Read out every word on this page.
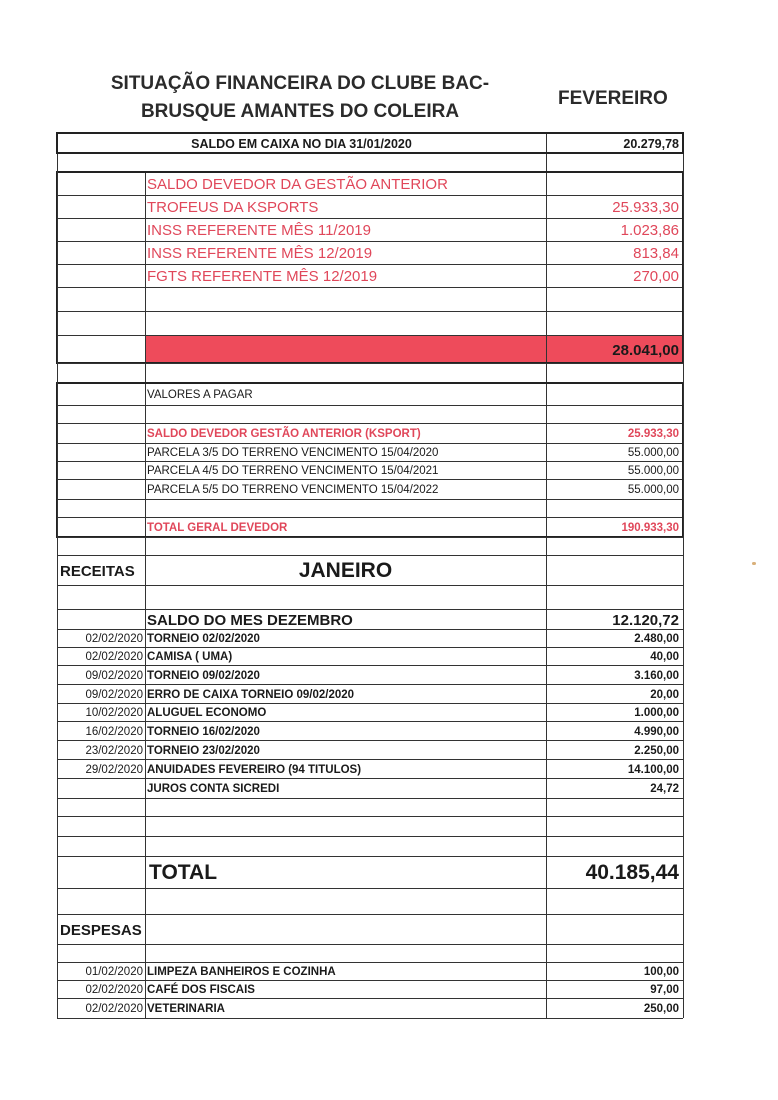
SITUAÇÃO FINANCEIRA DO CLUBE BAC-
BRUSQUE AMANTES DO COLEIRA
FEVEREIRO
SALDO EM CAIXA NO DIA 31/01/2020	20.279,78
SALDO DEVEDOR DA GESTÃO ANTERIOR
TROFEUS DA KSPORTS	25.933,30
INSS REFERENTE MÊS 11/2019	1.023,86
INSS REFERENTE MÊS 12/2019	813,84
FGTS REFERENTE MÊS 12/2019	270,00
28.041,00
VALORES A PAGAR
SALDO DEVEDOR GESTÃO ANTERIOR (KSPORT)	25.933,30
PARCELA 3/5 DO TERRENO VENCIMENTO 15/04/2020	55.000,00
PARCELA 4/5 DO TERRENO VENCIMENTO 15/04/2021	55.000,00
PARCELA 5/5 DO TERRENO VENCIMENTO 15/04/2022	55.000,00
TOTAL GERAL DEVEDOR	190.933,30
RECEITAS	JANEIRO
SALDO DO MES DEZEMBRO	12.120,72
02/02/2020 TORNEIO 02/02/2020	2.480,00
02/02/2020 CAMISA ( UMA)	40,00
09/02/2020 TORNEIO 09/02/2020	3.160,00
09/02/2020 ERRO DE CAIXA TORNEIO 09/02/2020	20,00
10/02/2020 ALUGUEL ECONOMO	1.000,00
16/02/2020 TORNEIO 16/02/2020	4.990,00
23/02/2020 TORNEIO 23/02/2020	2.250,00
29/02/2020 ANUIDADES FEVEREIRO (94 TITULOS)	14.100,00
JUROS CONTA SICREDI	24,72
TOTAL	40.185,44
DESPESAS
01/02/2020 LIMPEZA BANHEIROS E COZINHA	100,00
02/02/2020 CAFÉ DOS FISCAIS	97,00
02/02/2020 VETERINARIA	250,00
